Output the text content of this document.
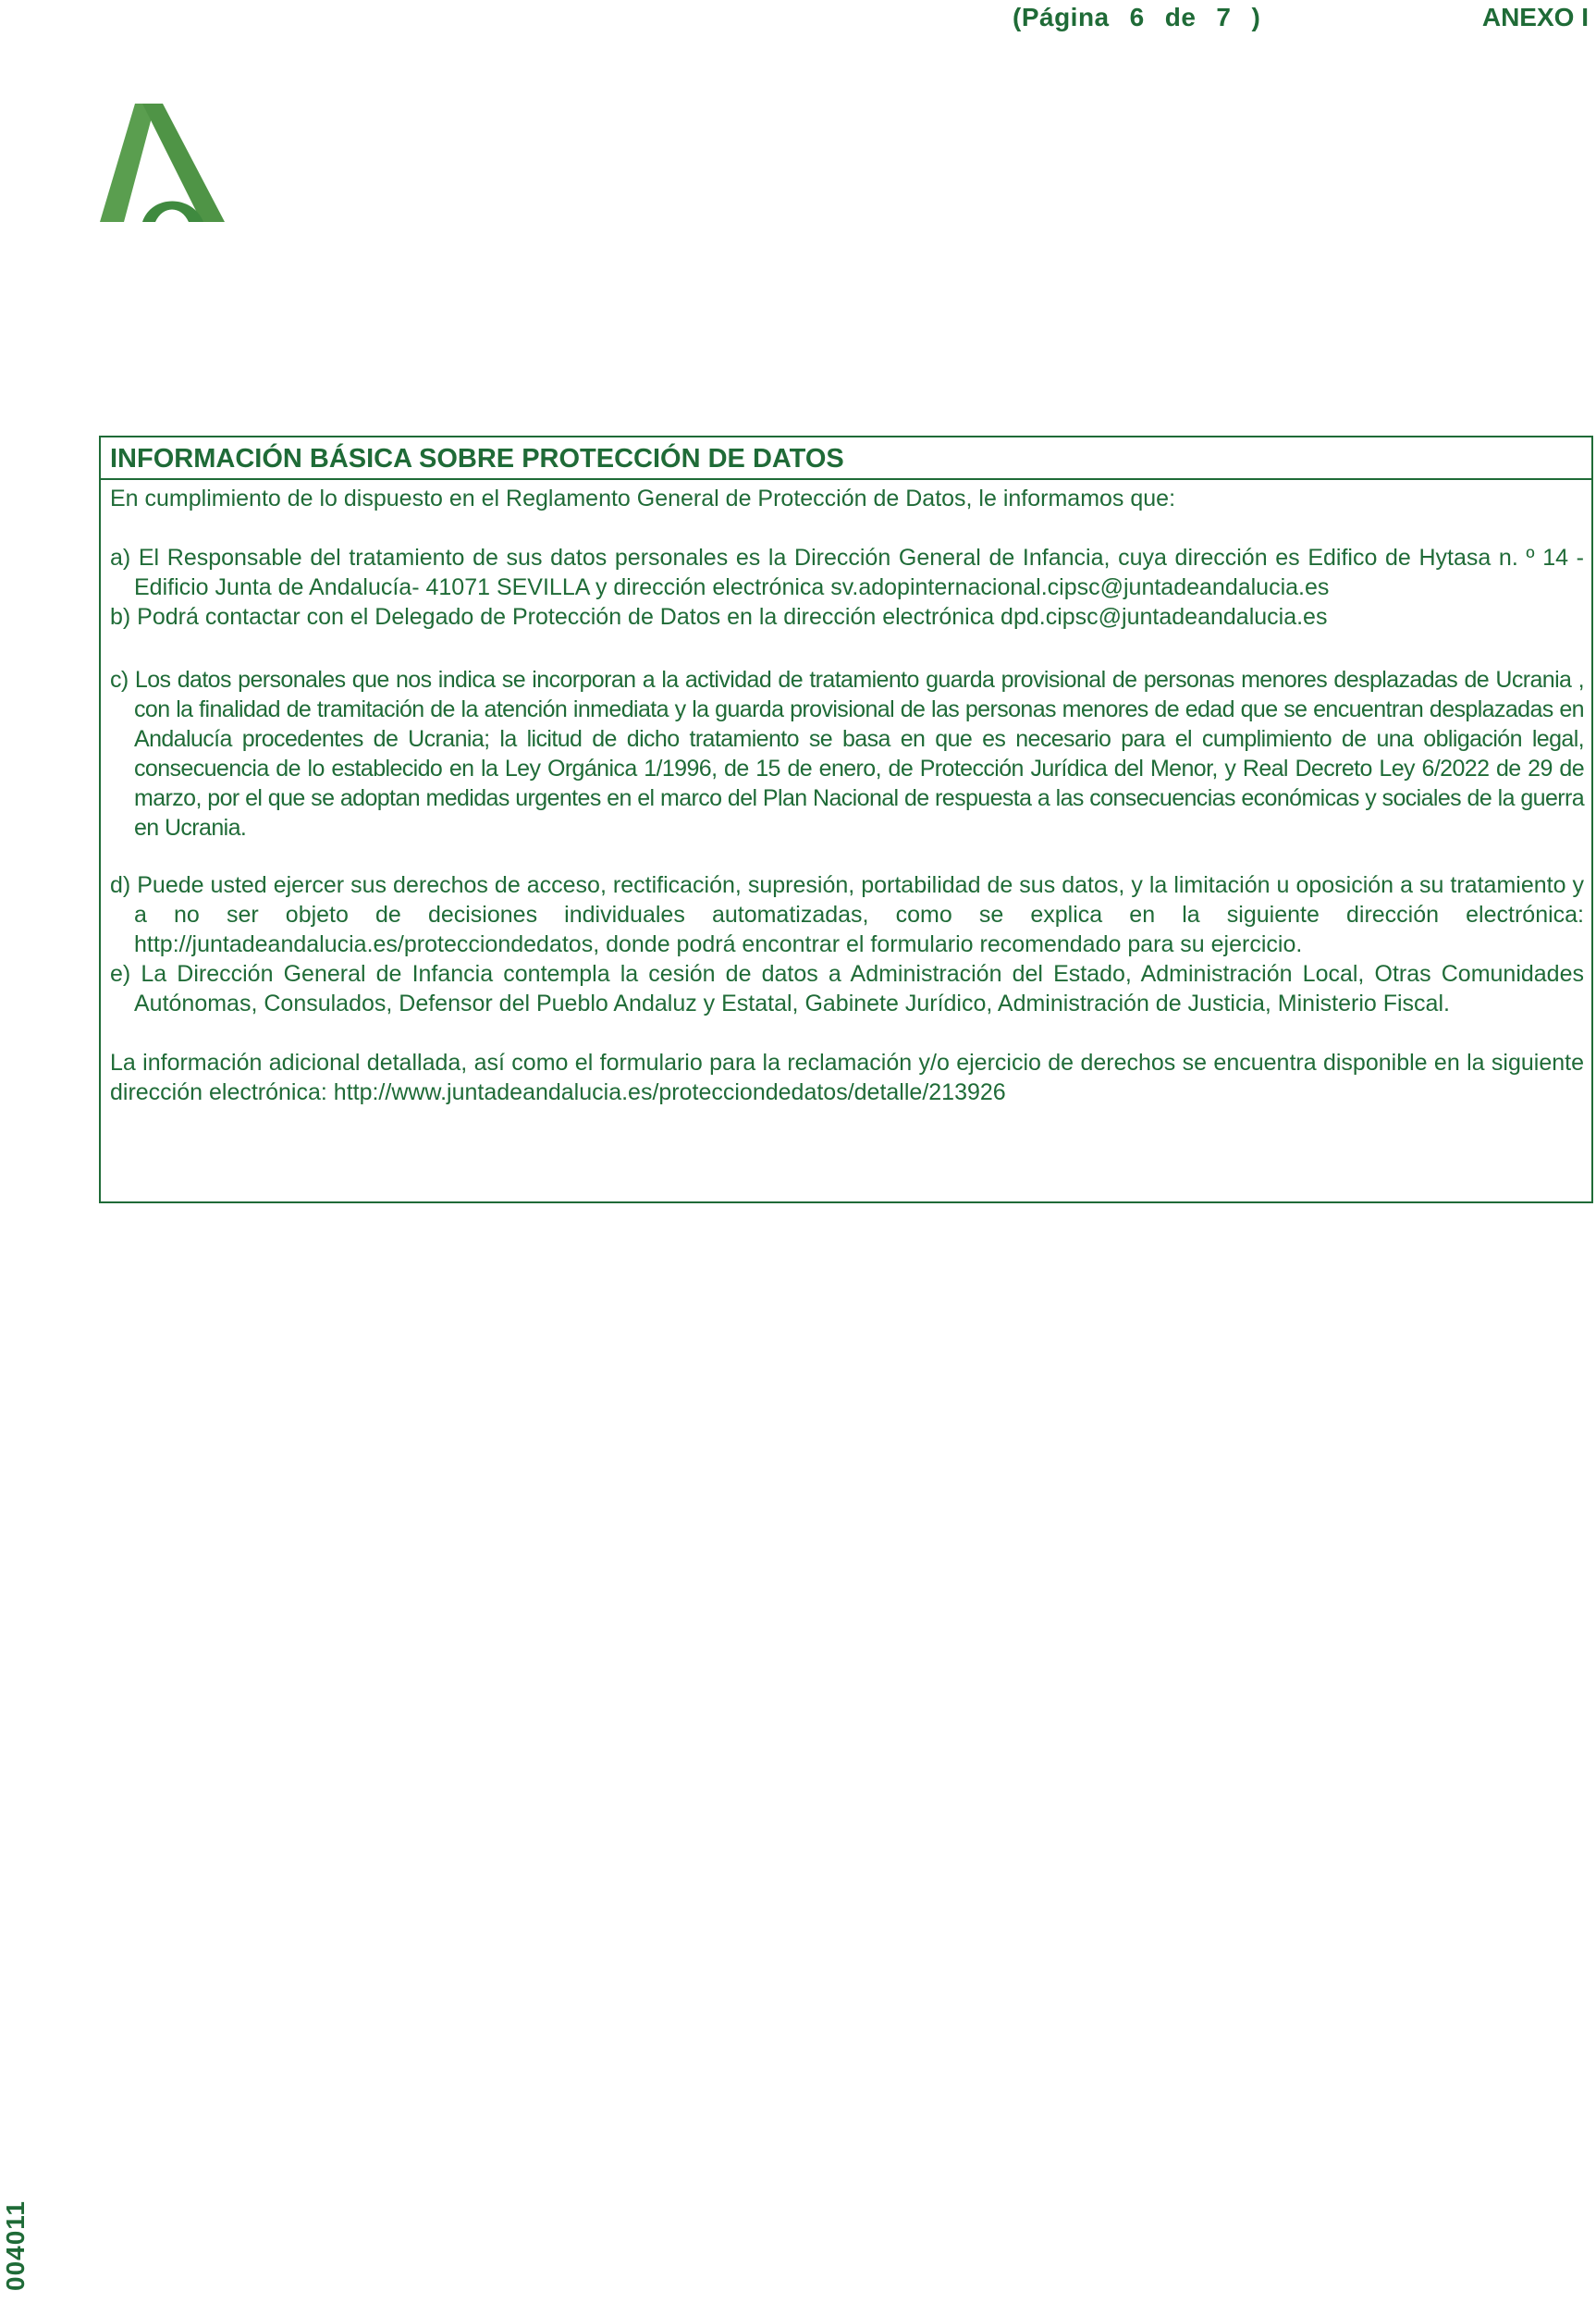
(Página 6 de 7 )	ANEXO I
INFORMACIÓN BÁSICA SOBRE PROTECCIÓN DE DATOS

En cumplimiento de lo dispuesto en el Reglamento General de Protección de Datos, le informamos que:

a) El Responsable del tratamiento de sus datos personales es la Dirección General de Infancia, cuya dirección es Edifico de Hytasa n. º 14 - Edificio Junta de Andalucía- 41071 SEVILLA y dirección electrónica sv.adopinternacional.cipsc@juntadeandalucia.es

b) Podrá contactar con el Delegado de Protección de Datos en la dirección electrónica dpd.cipsc@juntadeandalucia.es

c) Los datos personales que nos indica se incorporan a la actividad de tratamiento guarda provisional de personas menores desplazadas de Ucrania , con la finalidad de tramitación de la atención inmediata y la guarda provisional de las personas menores de edad que se encuentran desplazadas en Andalucía procedentes de Ucrania; la licitud de dicho tratamiento se basa en que es necesario para el cumplimiento de una obligación legal, consecuencia de lo establecido en la Ley Orgánica 1/1996, de 15 de enero, de Protección Jurídica del Menor, y Real Decreto Ley 6/2022 de 29 de marzo, por el que se adoptan medidas urgentes en el marco del Plan Nacional de respuesta a las consecuencias económicas y sociales de la guerra en Ucrania.

d) Puede usted ejercer sus derechos de acceso, rectificación, supresión, portabilidad de sus datos, y la limitación u oposición a su tratamiento y a no ser objeto de decisiones individuales automatizadas, como se explica en la siguiente dirección electrónica: http://juntadeandalucia.es/protecciondedatos, donde podrá encontrar el formulario recomendado para su ejercicio.

e) La Dirección General de Infancia contempla la cesión de datos a Administración del Estado, Administración Local, Otras Comunidades Autónomas, Consulados, Defensor del Pueblo Andaluz y Estatal, Gabinete Jurídico, Administración de Justicia, Ministerio Fiscal.

La información adicional detallada, así como el formulario para la reclamación y/o ejercicio de derechos se encuentra disponible en la siguiente dirección electrónica: http://www.juntadeandalucia.es/protecciondedatos/detalle/213926

004011
